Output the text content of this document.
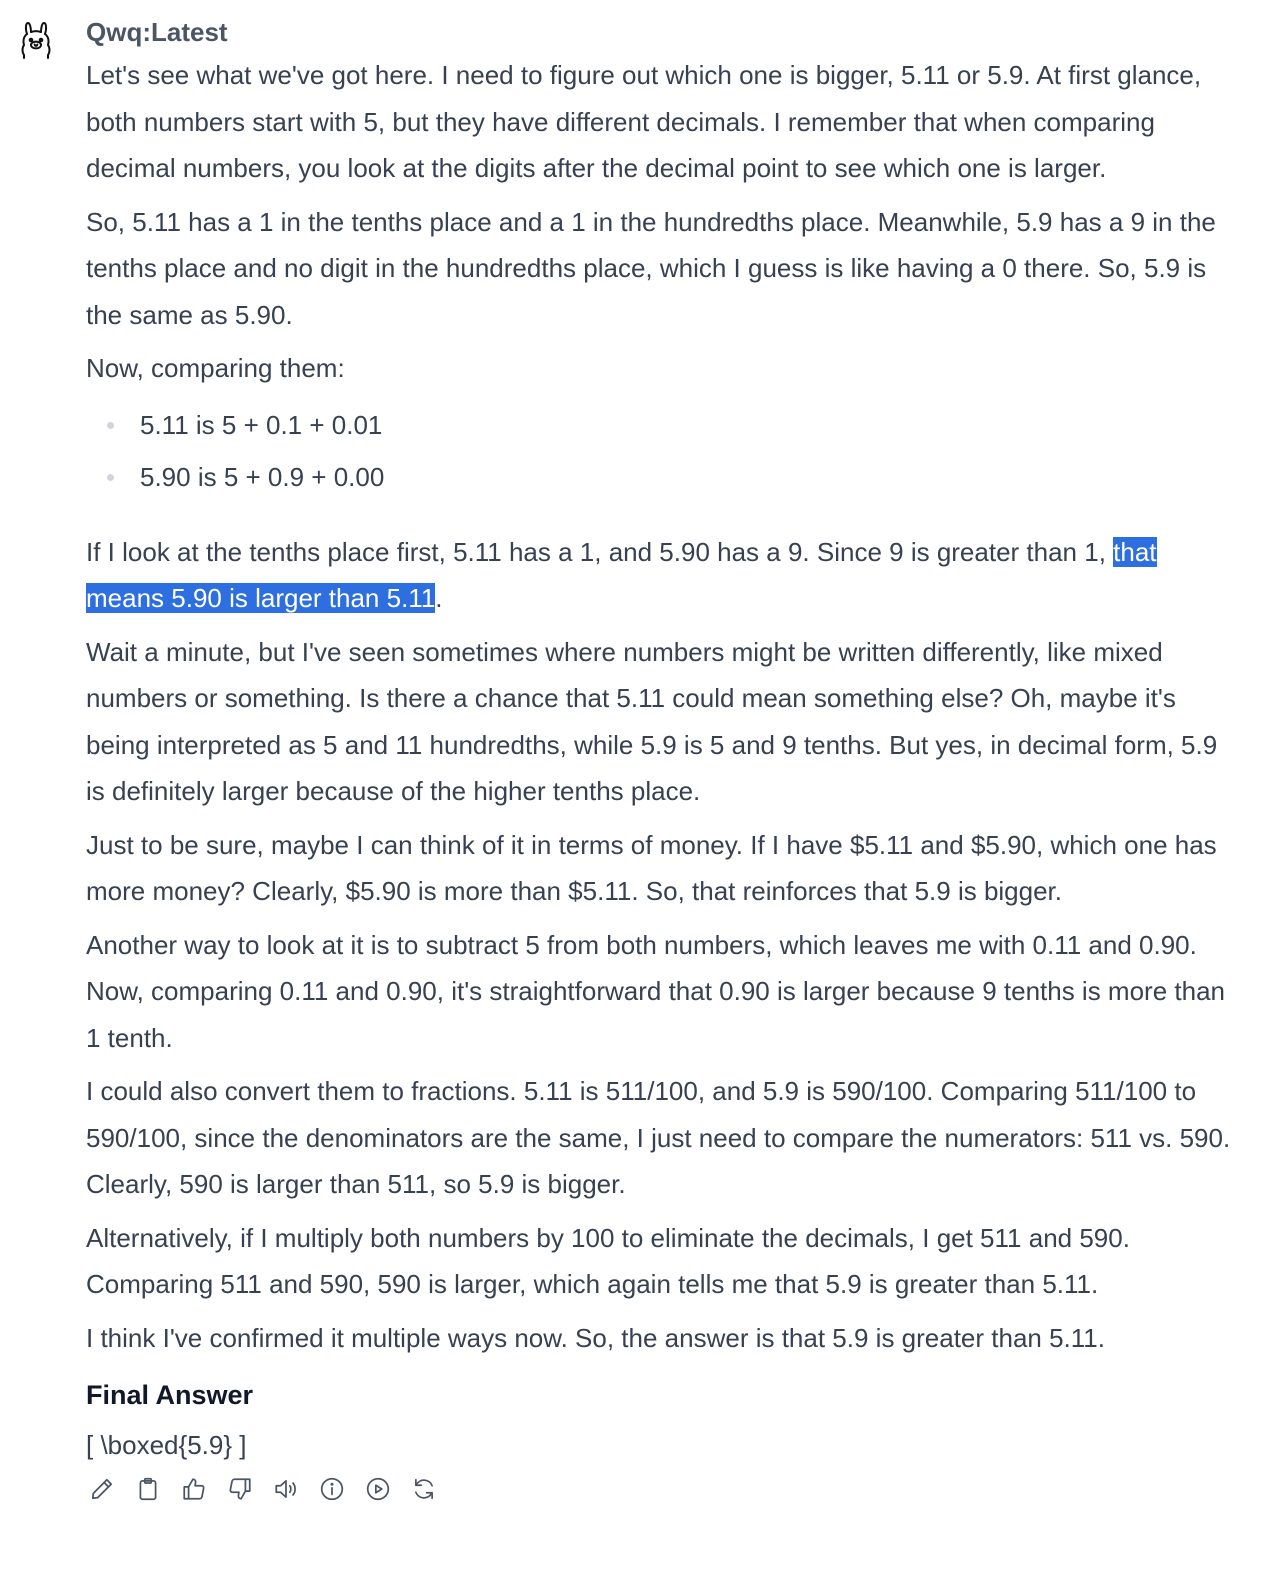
Qwq:Latest

Let's see what we've got here. I need to figure out which one is bigger, 5.11 or 5.9. At first glance, both numbers start with 5, but they have different decimals. I remember that when comparing decimal numbers, you look at the digits after the decimal point to see which one is larger.

So, 5.11 has a 1 in the tenths place and a 1 in the hundredths place. Meanwhile, 5.9 has a 9 in the tenths place and no digit in the hundredths place, which I guess is like having a 0 there. So, 5.9 is the same as 5.90.

Now, comparing them:

5.11 is 5 + 0.1 + 0.01
5.90 is 5 + 0.9 + 0.00

If I look at the tenths place first, 5.11 has a 1, and 5.90 has a 9. Since 9 is greater than 1, that
means 5.90 is larger than 5.11.

Wait a minute, but I've seen sometimes where numbers might be written differently, like mixed numbers or something. Is there a chance that 5.11 could mean something else? Oh, maybe it's being interpreted as 5 and 11 hundredths, while 5.9 is 5 and 9 tenths. But yes, in decimal form, 5.9 is definitely larger because of the higher tenths place.

Just to be sure, maybe I can think of it in terms of money. If I have $5.11 and $5.90, which one has more money? Clearly, $5.90 is more than $5.11. So, that reinforces that 5.9 is bigger.

Another way to look at it is to subtract 5 from both numbers, which leaves me with 0.11 and 0.90. Now, comparing 0.11 and 0.90, it's straightforward that 0.90 is larger because 9 tenths is more than 1 tenth.

I could also convert them to fractions. 5.11 is 511/100, and 5.9 is 590/100. Comparing 511/100 to 590/100, since the denominators are the same, I just need to compare the numerators: 511 vs. 590. Clearly, 590 is larger than 511, so 5.9 is bigger.

Alternatively, if I multiply both numbers by 100 to eliminate the decimals, I get 511 and 590. Comparing 511 and 590, 590 is larger, which again tells me that 5.9 is greater than 5.11.

I think I've confirmed it multiple ways now. So, the answer is that 5.9 is greater than 5.11.

Final Answer

[ \boxed{5.9} ]
